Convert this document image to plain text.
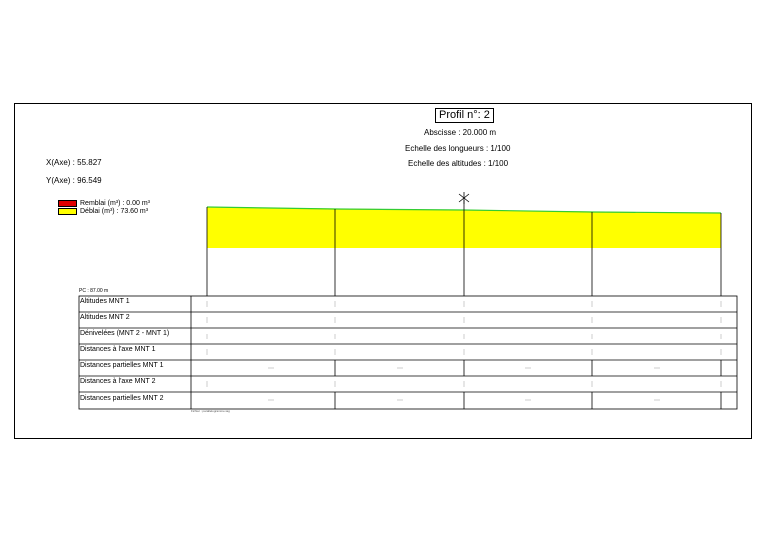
Profil n°: 2
Abscisse : 20.000 m
Echelle des longueurs : 1/100
Echelle des altitudes : 1/100
X(Axe) : 55.827
Y(Axe) : 96.549
Remblai (m³) : 0.00 m³
Déblai (m³) : 73.60 m³
PC : 87.00 m
Altitudes MNT 1
Altitudes MNT 2
Dénivelées (MNT 2 - MNT 1)
Distances à l'axe MNT 1
Distances partielles MNT 1
Distances à l'axe MNT 2
Distances partielles MNT 2
Fichier : parallelogramme.tag
